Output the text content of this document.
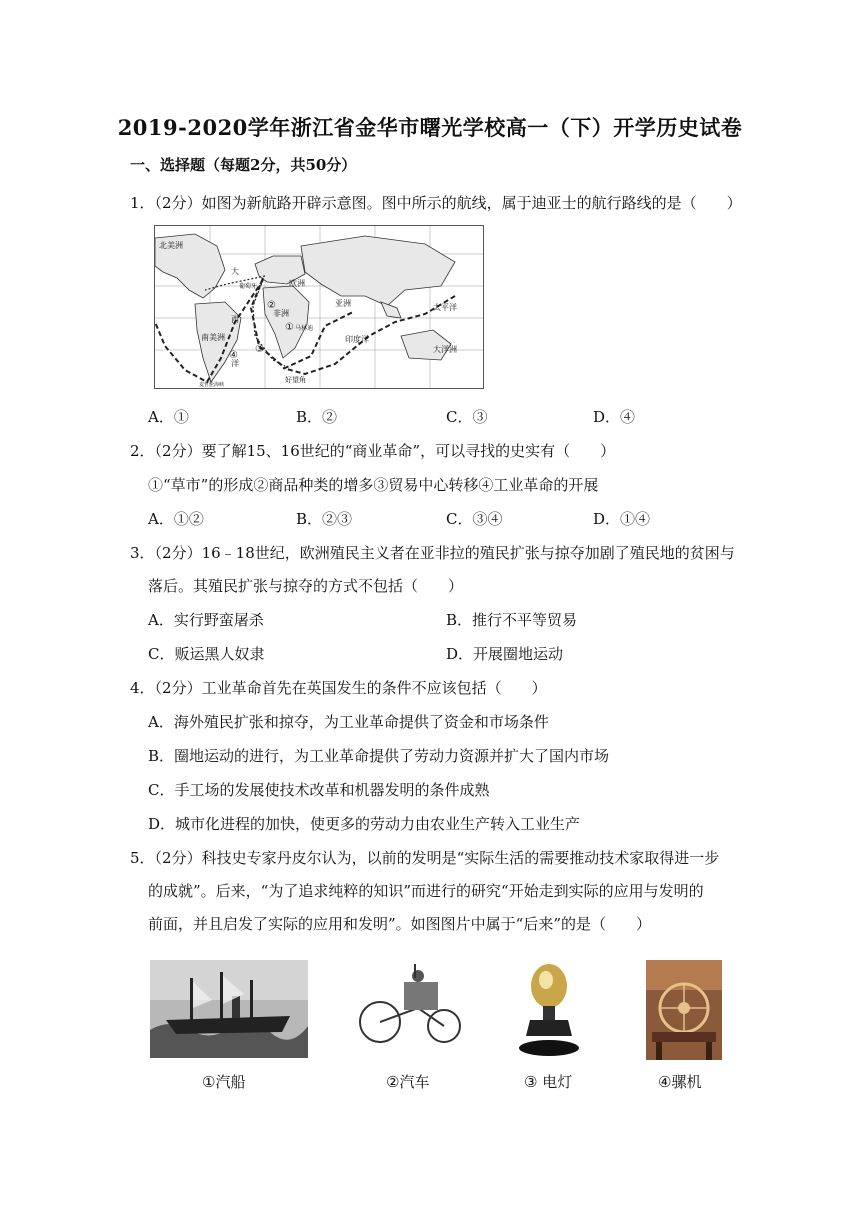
2019-2020学年浙江省金华市曙光学校高一（下）开学历史试卷
一、选择题（每题2分，共50分）
1．（2分）如图为新航路开辟示意图。图中所示的航线，属于迪亚士的航行路线的是（　　）
北美洲
大
欧洲
葡萄牙
亚洲	太平洋
非洲
西
马林迪
南美洲	印度洋
大洋洲
洋
好望角
麦哲伦海峡
①
②
③
④
A．①	B．②	C．③	D．④
2．（2分）要了解15、16世纪的“商业革命”，可以寻找的史实有（　　）
①“草市”的形成②商品种类的增多③贸易中心转移④工业革命的开展
A．①②	B．②③	C．③④	D．①④
3．（2分）16﹣18世纪，欧洲殖民主义者在亚非拉的殖民扩张与掠夺加剧了殖民地的贫困与
落后。其殖民扩张与掠夺的方式不包括（　　）
A．实行野蛮屠杀	B．推行不平等贸易
C．贩运黑人奴隶	D．开展圈地运动
4．（2分）工业革命首先在英国发生的条件不应该包括（　　）
A．海外殖民扩张和掠夺，为工业革命提供了资金和市场条件
B．圈地运动的进行，为工业革命提供了劳动力资源并扩大了国内市场
C．手工场的发展使技术改革和机器发明的条件成熟
D．城市化进程的加快，使更多的劳动力由农业生产转入工业生产
5．（2分）科技史专家丹皮尔认为，以前的发明是“实际生活的需要推动技术家取得进一步
的成就”。后来，“为了追求纯粹的知识”而进行的研究“开始走到实际的应用与发明的
前面，并且启发了实际的应用和发明”。如图图片中属于“后来”的是（　　）
①汽船	②汽车	③ 电灯	④骡机
